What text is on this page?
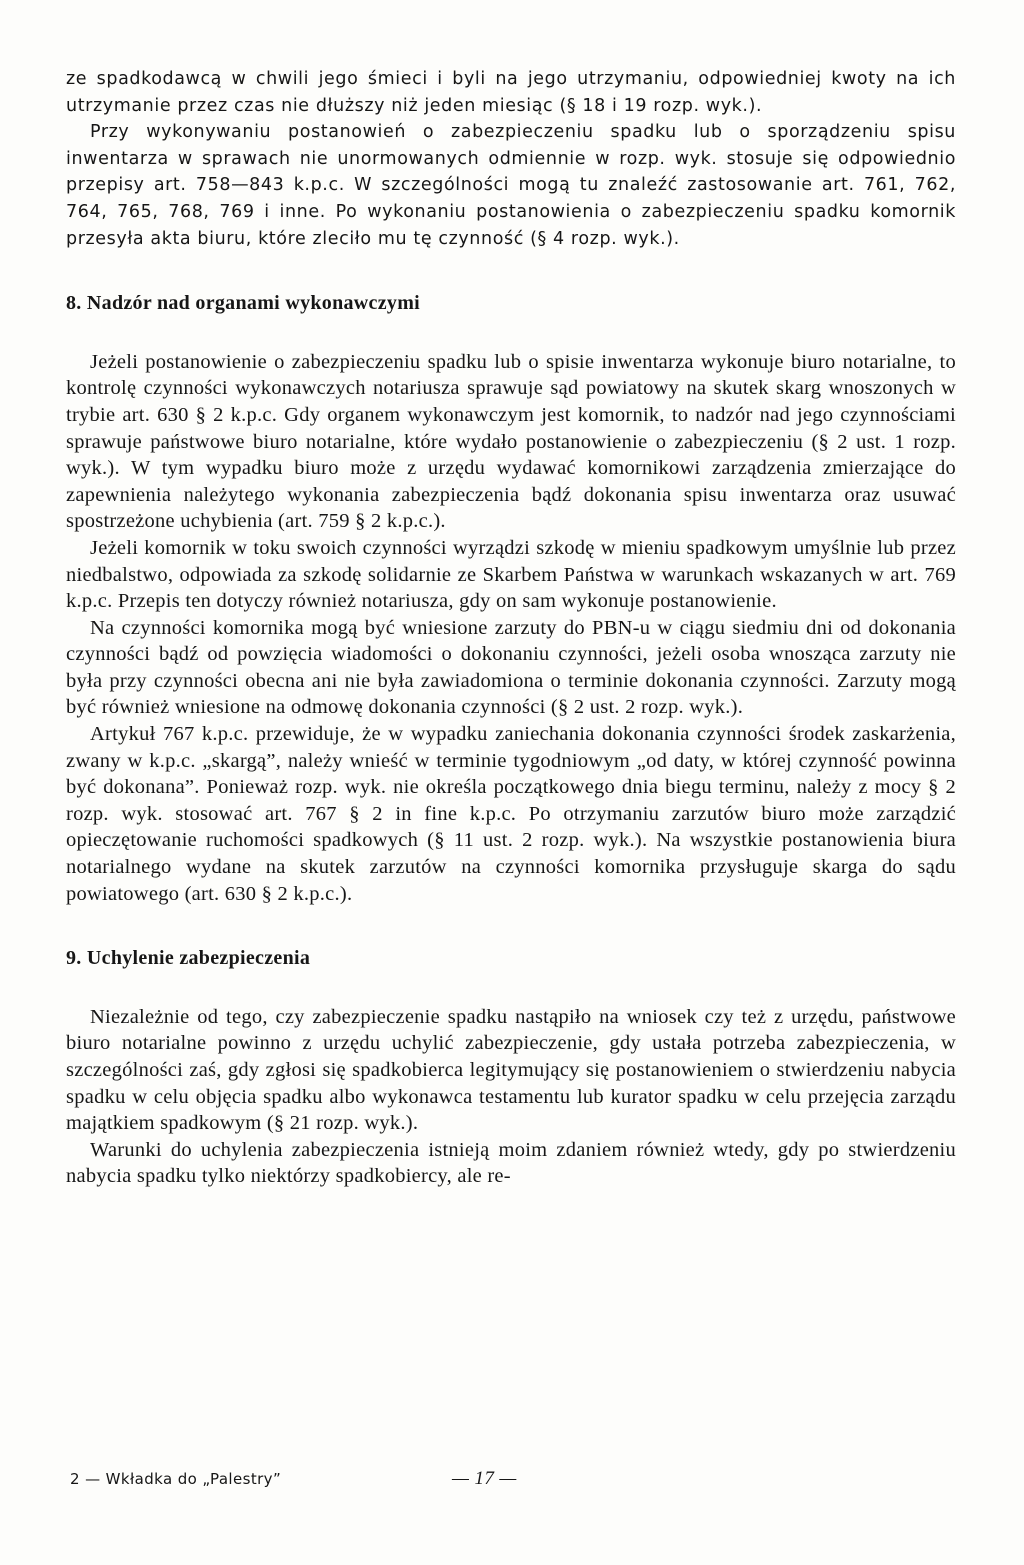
ze spadkodawcą w chwili jego śmieci i byli na jego utrzymaniu, odpowiedniej kwoty na ich utrzymanie przez czas nie dłuższy niż jeden miesiąc (§ 18 i 19 rozp. wyk.).

Przy wykonywaniu postanowień o zabezpieczeniu spadku lub o sporządzeniu spisu inwentarza w sprawach nie unormowanych odmiennie w rozp. wyk. stosuje się odpowiednio przepisy art. 758—843 k.p.c. W szczególności mogą tu znaleźć zastosowanie art. 761, 762, 764, 765, 768, 769 i inne. Po wykonaniu postanowienia o zabezpieczeniu spadku komornik przesyła akta biuru, które zleciło mu tę czynność (§ 4 rozp. wyk.).

8. Nadzór nad organami wykonawczymi

Jeżeli postanowienie o zabezpieczeniu spadku lub o spisie inwentarza wykonuje biuro notarialne, to kontrolę czynności wykonawczych notariusza sprawuje sąd powiatowy na skutek skarg wnoszonych w trybie art. 630 § 2 k.p.c. Gdy organem wykonawczym jest komornik, to nadzór nad jego czynnościami sprawuje państwowe biuro notarialne, które wydało postanowienie o zabezpieczeniu (§ 2 ust. 1 rozp. wyk.). W tym wypadku biuro może z urzędu wydawać komornikowi zarządzenia zmierzające do zapewnienia należytego wykonania zabezpieczenia bądź dokonania spisu inwentarza oraz usuwać spostrzeżone uchybienia (art. 759 § 2 k.p.c.).

Jeżeli komornik w toku swoich czynności wyrządzi szkodę w mieniu spadkowym umyślnie lub przez niedbalstwo, odpowiada za szkodę solidarnie ze Skarbem Państwa w warunkach wskazanych w art. 769 k.p.c. Przepis ten dotyczy również notariusza, gdy on sam wykonuje postanowienie.

Na czynności komornika mogą być wniesione zarzuty do PBN-u w ciągu siedmiu dni od dokonania czynności bądź od powzięcia wiadomości o dokonaniu czynności, jeżeli osoba wnosząca zarzuty nie była przy czynności obecna ani nie była zawiadomiona o terminie dokonania czynności. Zarzuty mogą być również wniesione na odmowę dokonania czynności (§ 2 ust. 2 rozp. wyk.).

Artykuł 767 k.p.c. przewiduje, że w wypadku zaniechania dokonania czynności środek zaskarżenia, zwany w k.p.c. „skargą”, należy wnieść w terminie tygodniowym „od daty, w której czynność powinna być dokonana”. Ponieważ rozp. wyk. nie określa początkowego dnia biegu terminu, należy z mocy § 2 rozp. wyk. stosować art. 767 § 2 in fine k.p.c. Po otrzymaniu zarzutów biuro może zarządzić opieczętowanie ruchomości spadkowych (§ 11 ust. 2 rozp. wyk.). Na wszystkie postanowienia biura notarialnego wydane na skutek zarzutów na czynności komornika przysługuje skarga do sądu powiatowego (art. 630 § 2 k.p.c.).

9. Uchylenie zabezpieczenia

Niezależnie od tego, czy zabezpieczenie spadku nastąpiło na wniosek czy też z urzędu, państwowe biuro notarialne powinno z urzędu uchylić zabezpieczenie, gdy ustała potrzeba zabezpieczenia, w szczególności zaś, gdy zgłosi się spadkobierca legitymujący się postanowieniem o stwierdzeniu nabycia spadku w celu objęcia spadku albo wykonawca testamentu lub kurator spadku w celu przejęcia zarządu majątkiem spadkowym (§ 21 rozp. wyk.).

Warunki do uchylenia zabezpieczenia istnieją moim zdaniem również wtedy, gdy po stwierdzeniu nabycia spadku tylko niektórzy spadkobiercy, ale re-

2 — Wkładka do „Palestry”	— 17 —
